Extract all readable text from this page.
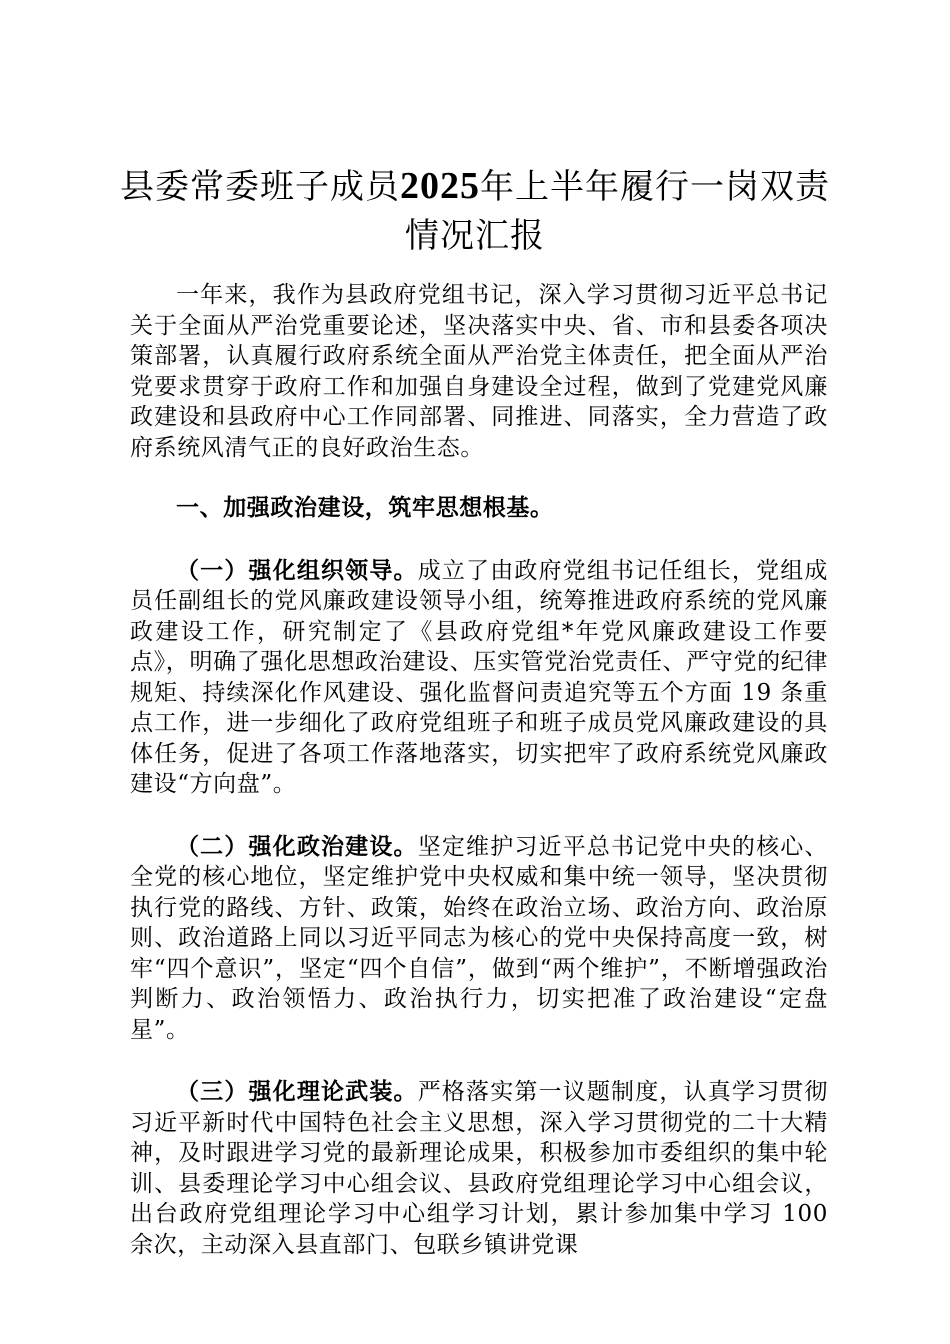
县委常委班子成员2025年上半年履行一岗双责情况汇报

一年来，我作为县政府党组书记，深入学习贯彻习近平总书记关于全面从严治党重要论述，坚决落实中央、省、市和县委各项决策部署，认真履行政府系统全面从严治党主体责任，把全面从严治党要求贯穿于政府工作和加强自身建设全过程，做到了党建党风廉政建设和县政府中心工作同部署、同推进、同落实，全力营造了政府系统风清气正的良好政治生态。

一、加强政治建设，筑牢思想根基。

（一）强化组织领导。成立了由政府党组书记任组长，党组成员任副组长的党风廉政建设领导小组，统筹推进政府系统的党风廉政建设工作，研究制定了《县政府党组*年党风廉政建设工作要点》，明确了强化思想政治建设、压实管党治党责任、严守党的纪律规矩、持续深化作风建设、强化监督问责追究等五个方面 19 条重点工作，进一步细化了政府党组班子和班子成员党风廉政建设的具体任务，促进了各项工作落地落实，切实把牢了政府系统党风廉政建设“方向盘”。

（二）强化政治建设。坚定维护习近平总书记党中央的核心、全党的核心地位，坚定维护党中央权威和集中统一领导，坚决贯彻执行党的路线、方针、政策，始终在政治立场、政治方向、政治原则、政治道路上同以习近平同志为核心的党中央保持高度一致，树牢“四个意识”，坚定“四个自信”，做到“两个维护”，不断增强政治判断力、政治领悟力、政治执行力，切实把准了政治建设“定盘星”。

（三）强化理论武装。严格落实第一议题制度，认真学习贯彻习近平新时代中国特色社会主义思想，深入学习贯彻党的二十大精神，及时跟进学习党的最新理论成果，积极参加市委组织的集中轮训、县委理论学习中心组会议、县政府党组理论学习中心组会议，出台政府党组理论学习中心组学习计划，累计参加集中学习 100 余次，主动深入县直部门、包联乡镇讲党课
